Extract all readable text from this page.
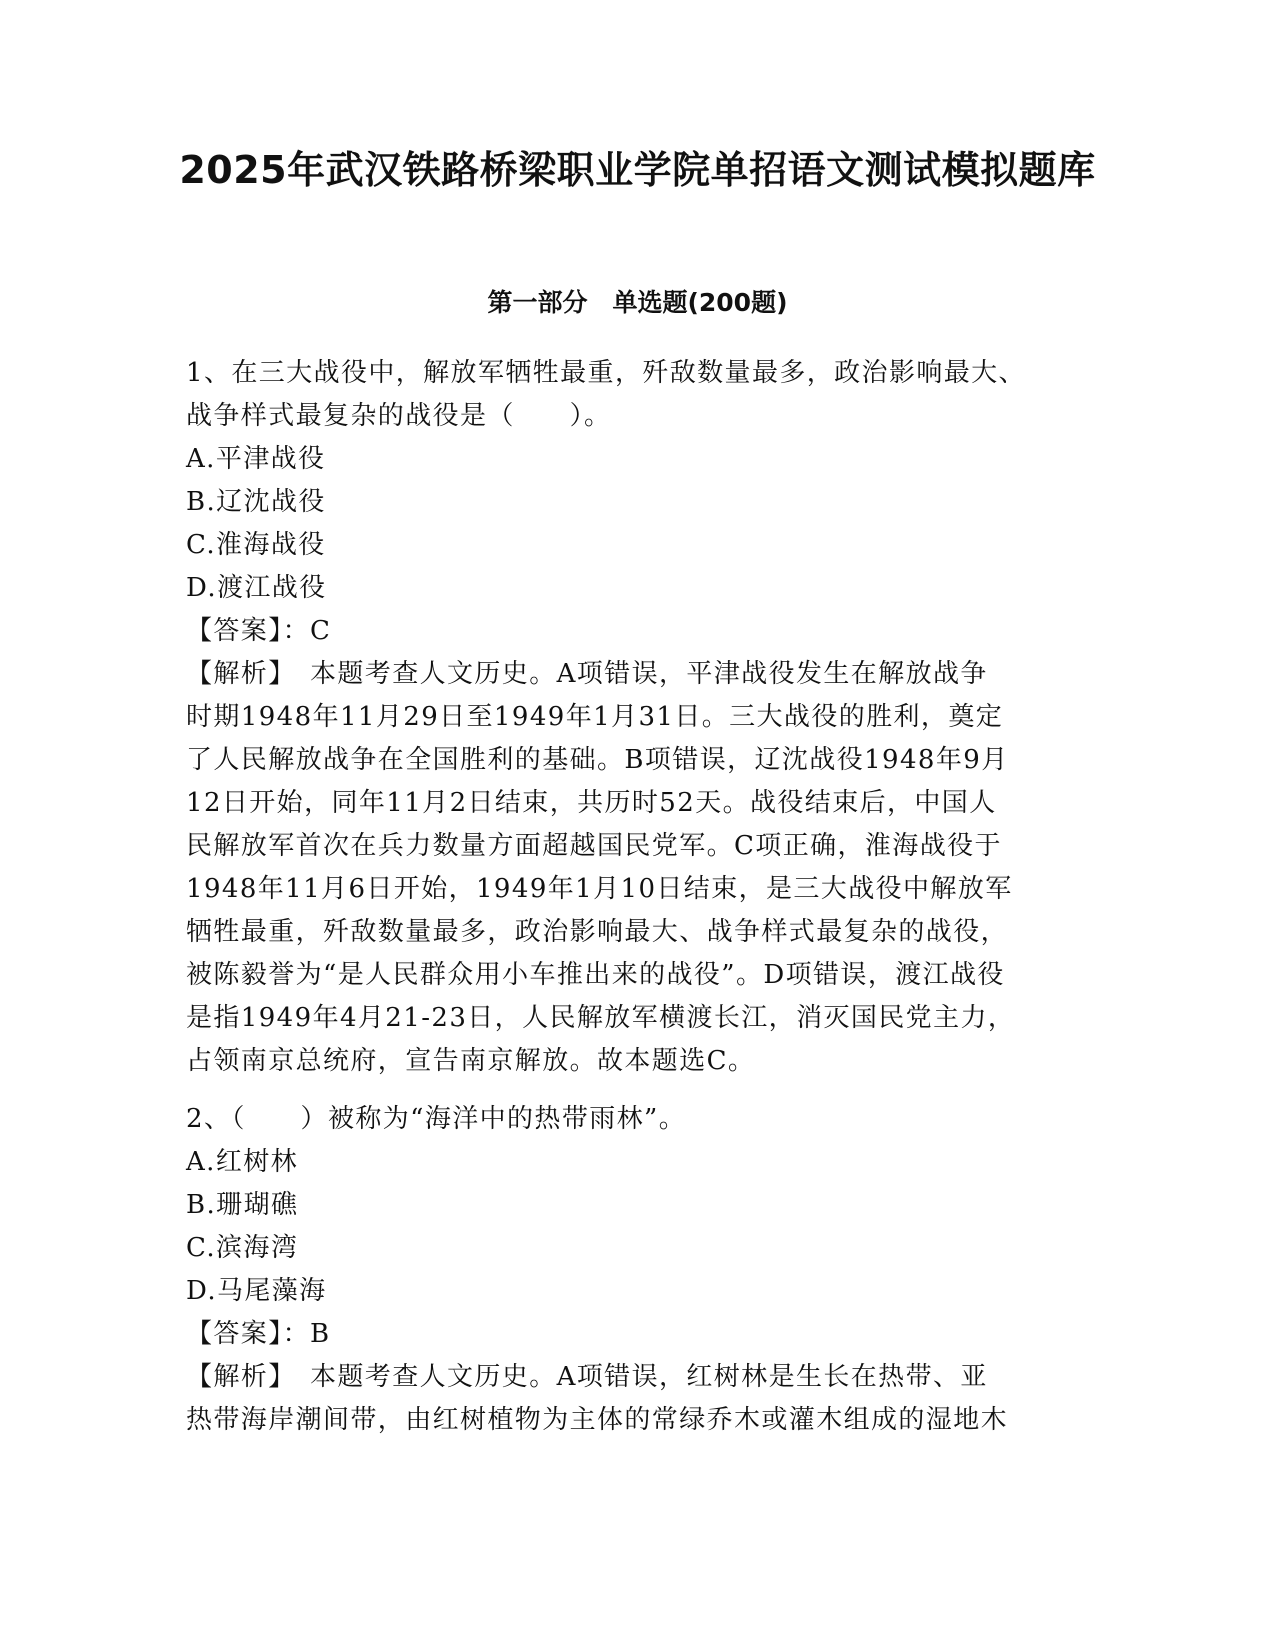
2025年武汉铁路桥梁职业学院单招语文测试模拟题库
第一部分　单选题(200题)
1、在三大战役中，解放军牺牲最重，歼敌数量最多，政治影响最大、
战争样式最复杂的战役是（　　）。
A.平津战役
B.辽沈战役
C.淮海战役
D.渡江战役
【答案】：C
【解析】　本题考查人文历史。A项错误，平津战役发生在解放战争
时期1948年11月29日至1949年1月31日。三大战役的胜利，奠定
了人民解放战争在全国胜利的基础。B项错误，辽沈战役1948年9月
12日开始，同年11月2日结束，共历时52天。战役结束后，中国人
民解放军首次在兵力数量方面超越国民党军。C项正确，淮海战役于
1948年11月6日开始，1949年1月10日结束，是三大战役中解放军
牺牲最重，歼敌数量最多，政治影响最大、战争样式最复杂的战役，
被陈毅誉为“是人民群众用小车推出来的战役”。D项错误，渡江战役
是指1949年4月21-23日，人民解放军横渡长江，消灭国民党主力，
占领南京总统府，宣告南京解放。故本题选C。
2、（　　）被称为“海洋中的热带雨林”。
A.红树林
B.珊瑚礁
C.滨海湾
D.马尾藻海
【答案】：B
【解析】　本题考查人文历史。A项错误，红树林是生长在热带、亚
热带海岸潮间带，由红树植物为主体的常绿乔木或灌木组成的湿地木
